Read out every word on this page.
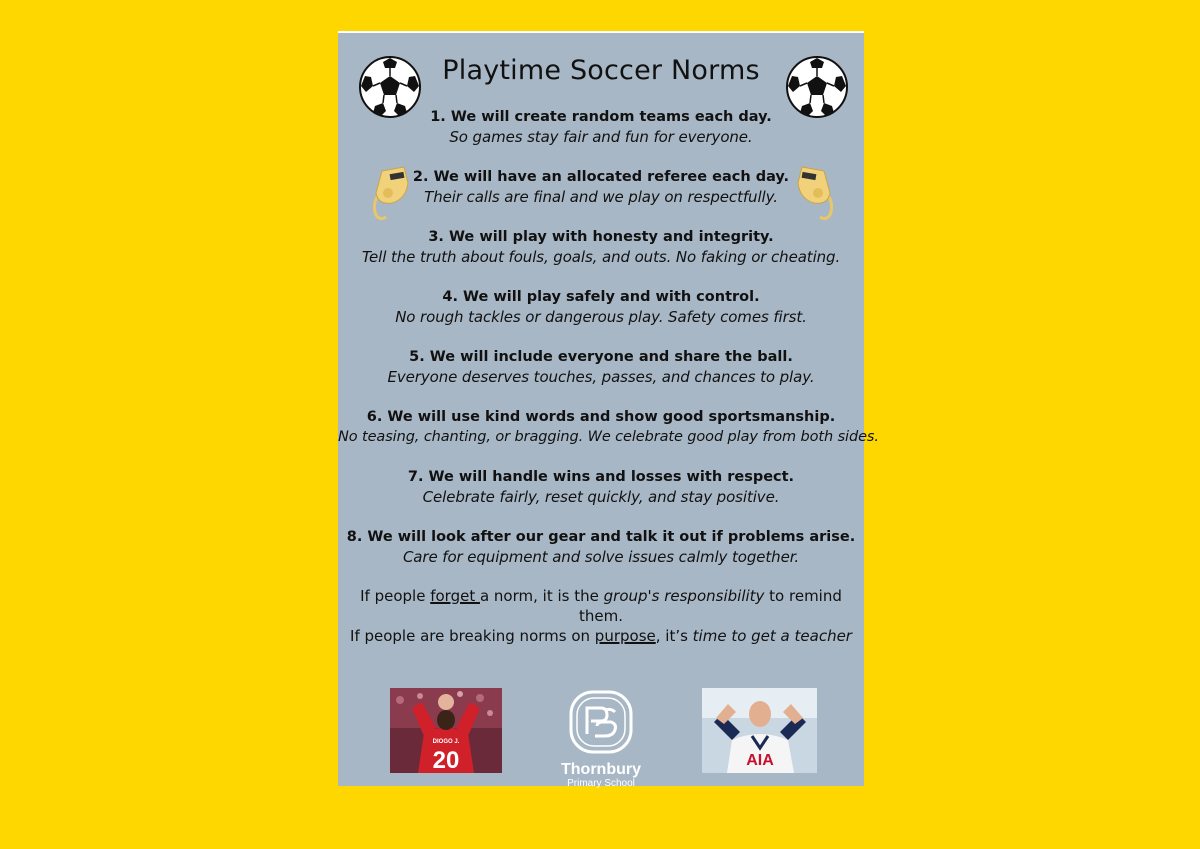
Playtime Soccer Norms
1. We will create random teams each day.
So games stay fair and fun for everyone.
2. We will have an allocated referee each day.
Their calls are final and we play on respectfully.
3. We will play with honesty and integrity.
Tell the truth about fouls, goals, and outs. No faking or cheating.
4. We will play safely and with control.
No rough tackles or dangerous play. Safety comes first.
5. We will include everyone and share the ball.
Everyone deserves touches, passes, and chances to play.
6. We will use kind words and show good sportsmanship.
No teasing, chanting, or bragging. We celebrate good play from both sides.
7. We will handle wins and losses with respect.
Celebrate fairly, reset quickly, and stay positive.
8. We will look after our gear and talk it out if problems arise.
Care for equipment and solve issues calmly together.
If people forget a norm, it is the group's responsibility to remind them.
If people are breaking norms on purpose, it’s time to get a teacher
DIOGO J.
20	Thornbury
Primary School
AIA
